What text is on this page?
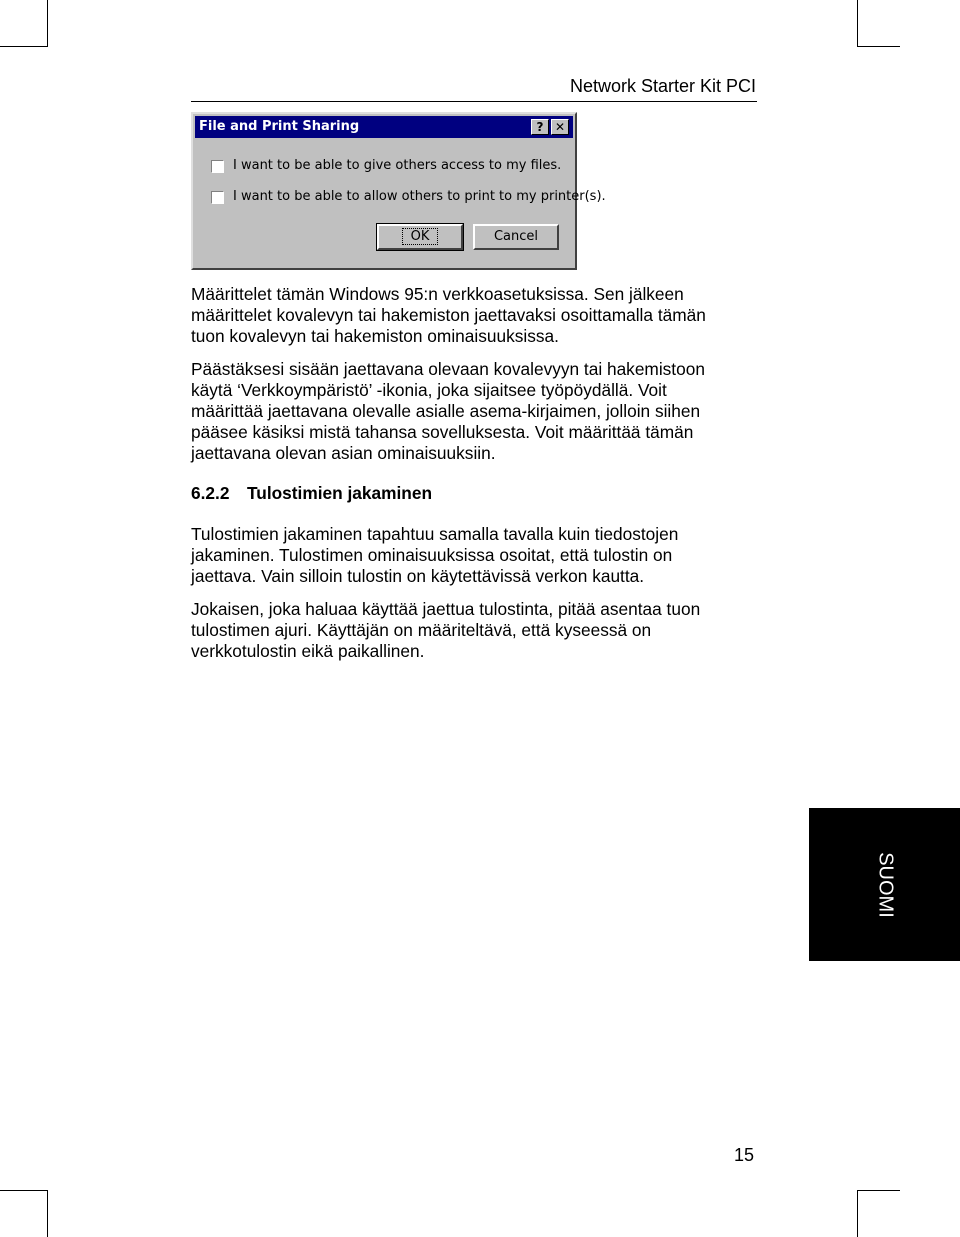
Network Starter Kit PCI
File and Print Sharing	? ✕
I want to be able to give others access to my files.
I want to be able to allow others to print to my printer(s).
OK	Cancel

Määrittelet tämän Windows 95:n verkkoasetuksissa. Sen jälkeen määrittelet kovalevyn tai hakemiston jaettavaksi osoittamalla tämän tuon kovalevyn tai hakemiston ominaisuuksissa.

Päästäksesi sisään jaettavana olevaan kovalevyyn tai hakemistoon käytä ‘Verkkoympäristö’ -ikonia, joka sijaitsee työpöydällä. Voit määrittää jaettavana olevalle asialle asema-kirjaimen, jolloin siihen pääsee käsiksi mistä tahansa sovelluksesta. Voit määrittää tämän jaettavana olevan asian ominaisuuksiin.

6.2.2 Tulostimien jakaminen

Tulostimien jakaminen tapahtuu samalla tavalla kuin tiedostojen jakaminen. Tulostimen ominaisuuksissa osoitat, että tulostin on jaettava. Vain silloin tulostin on käytettävissä verkon kautta.

Jokaisen, joka haluaa käyttää jaettua tulostinta, pitää asentaa tuon tulostimen ajuri. Käyttäjän on määriteltävä, että kyseessä on verkkotulostin eikä paikallinen.

SUOMI
15
